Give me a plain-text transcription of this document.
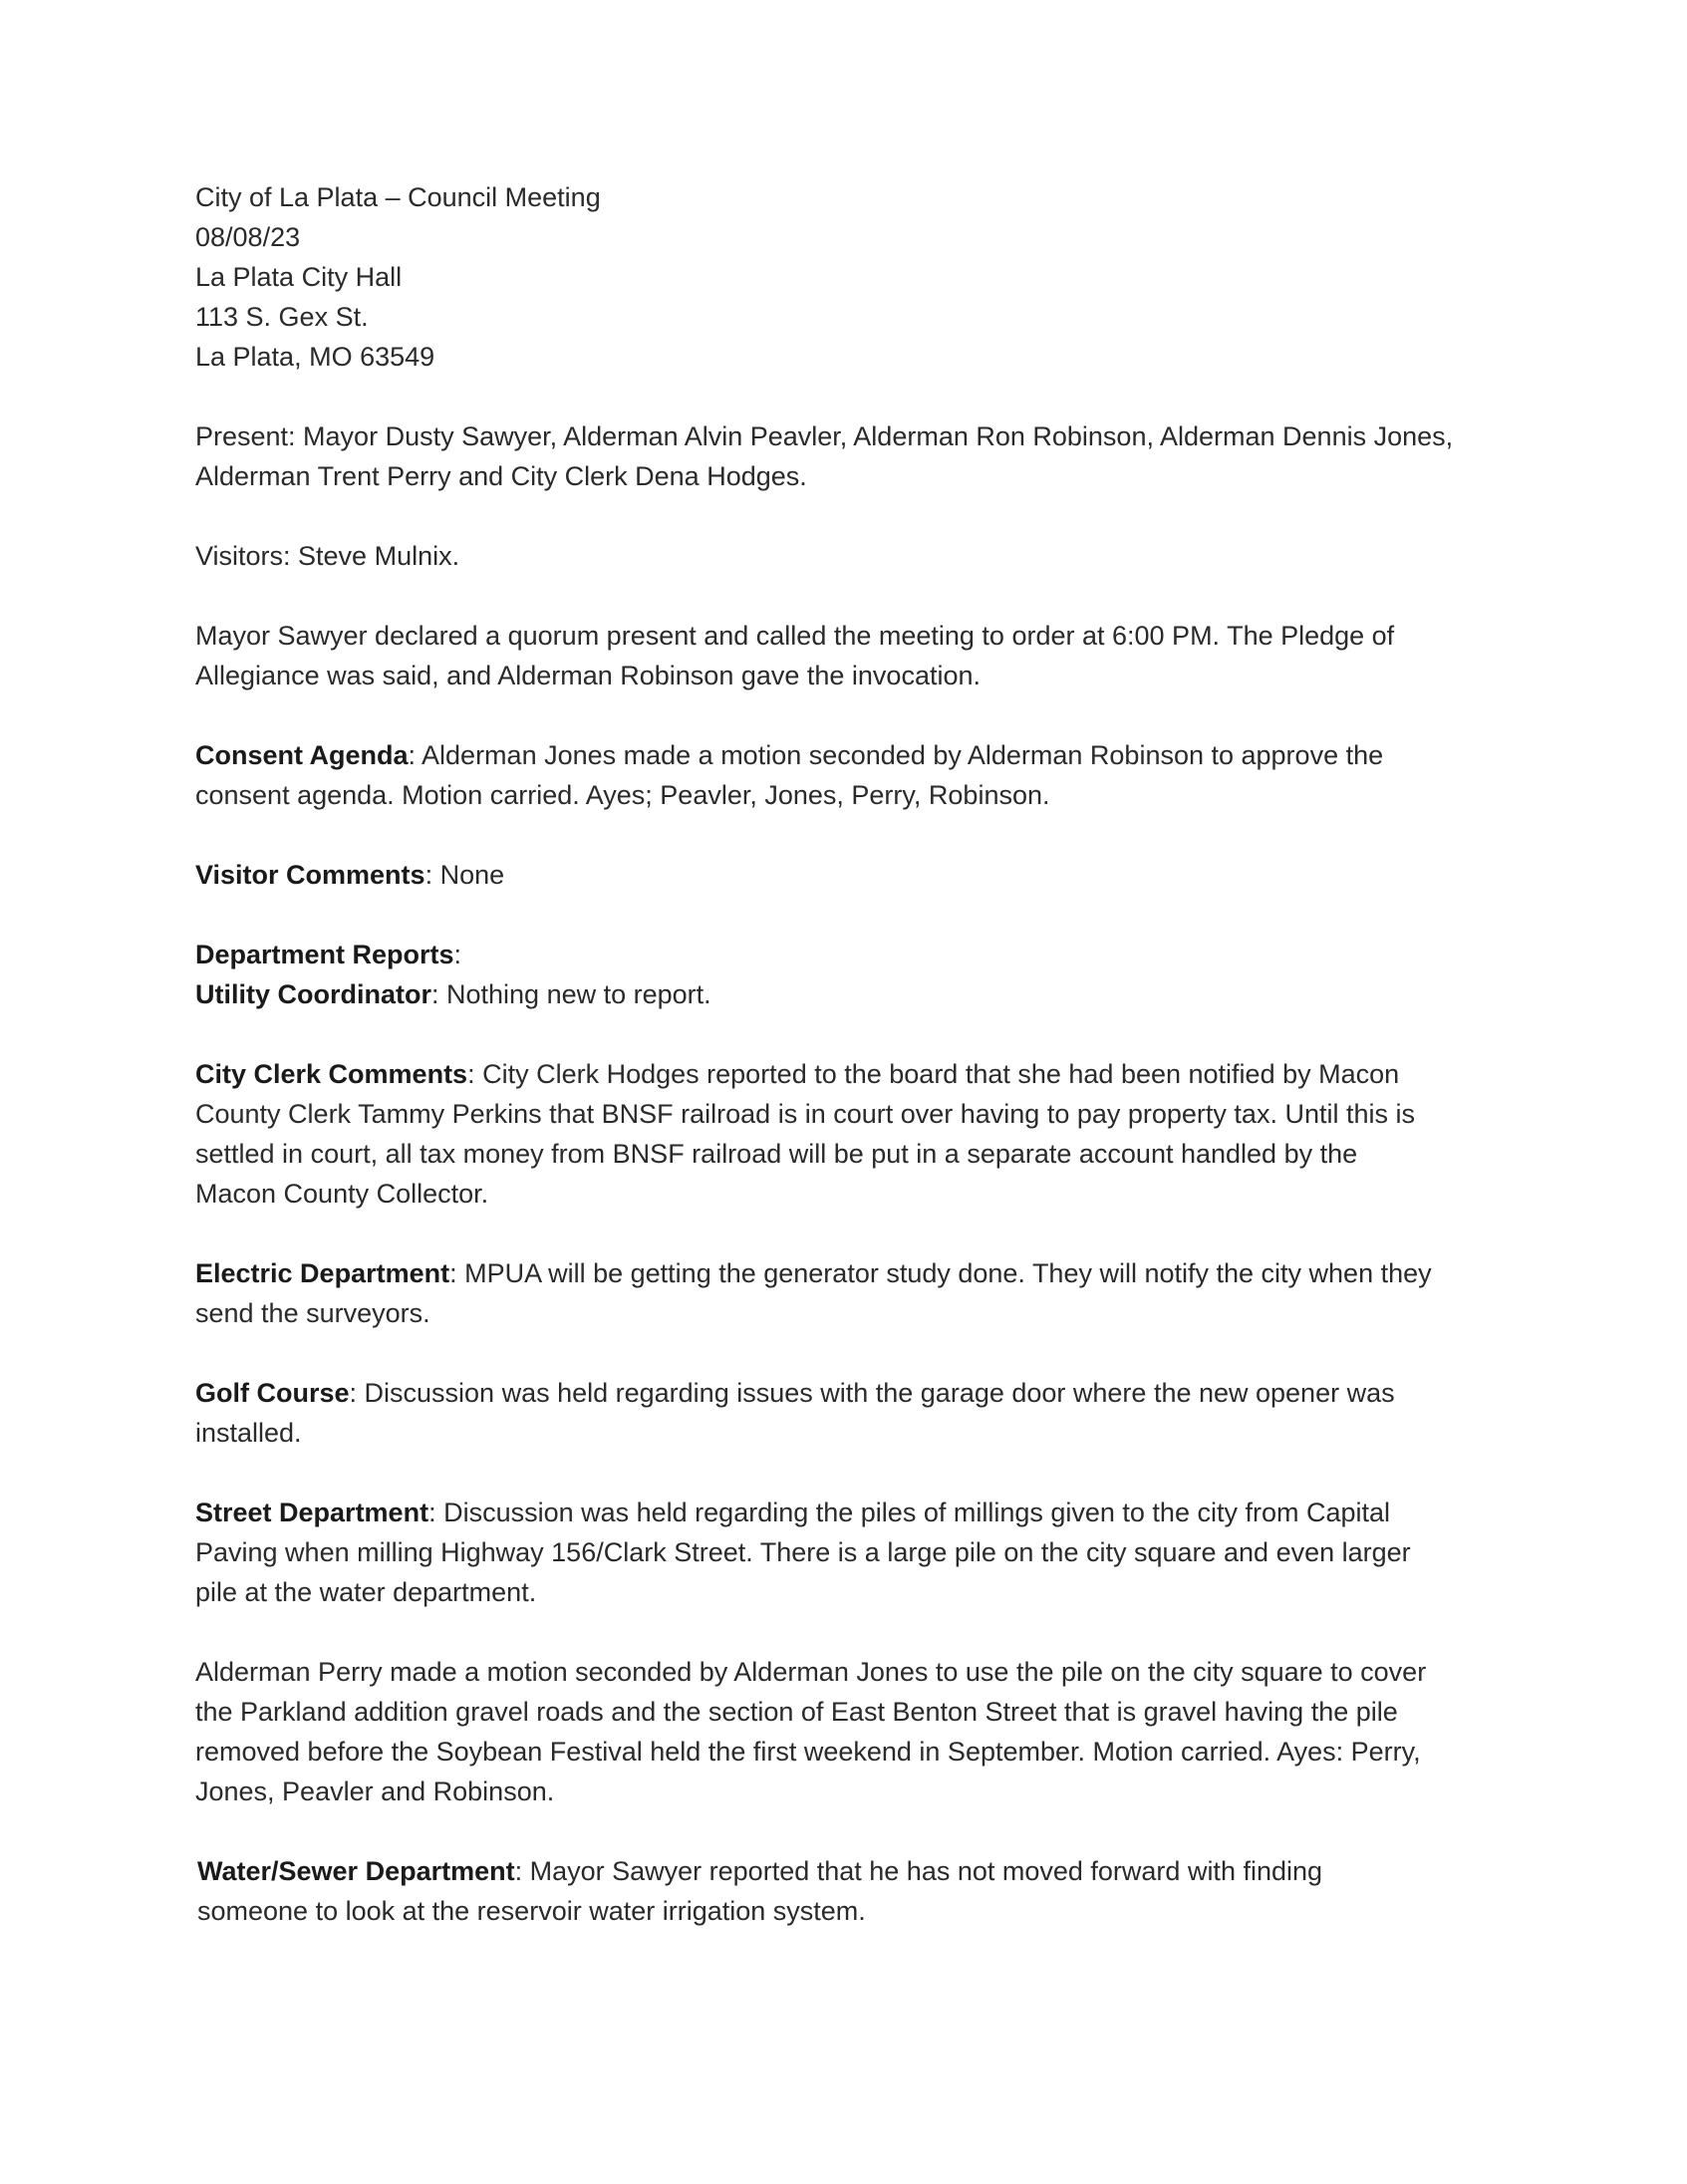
City of La Plata – Council Meeting
08/08/23
La Plata City Hall
113 S. Gex St.
La Plata, MO 63549
Present: Mayor Dusty Sawyer, Alderman Alvin Peavler, Alderman Ron Robinson, Alderman Dennis Jones,
Alderman Trent Perry and City Clerk Dena Hodges.
Visitors: Steve Mulnix.
Mayor Sawyer declared a quorum present and called the meeting to order at 6:00 PM. The Pledge of
Allegiance was said, and Alderman Robinson gave the invocation.
Consent Agenda: Alderman Jones made a motion seconded by Alderman Robinson to approve the
consent agenda. Motion carried. Ayes; Peavler, Jones, Perry, Robinson.
Visitor Comments: None
Department Reports:
Utility Coordinator: Nothing new to report.
City Clerk Comments: City Clerk Hodges reported to the board that she had been notified by Macon
County Clerk Tammy Perkins that BNSF railroad is in court over having to pay property tax. Until this is
settled in court, all tax money from BNSF railroad will be put in a separate account handled by the
Macon County Collector.
Electric Department: MPUA will be getting the generator study done. They will notify the city when they
send the surveyors.
Golf Course: Discussion was held regarding issues with the garage door where the new opener was
installed.
Street Department: Discussion was held regarding the piles of millings given to the city from Capital
Paving when milling Highway 156/Clark Street. There is a large pile on the city square and even larger
pile at the water department.
Alderman Perry made a motion seconded by Alderman Jones to use the pile on the city square to cover
the Parkland addition gravel roads and the section of East Benton Street that is gravel having the pile
removed before the Soybean Festival held the first weekend in September. Motion carried. Ayes: Perry,
Jones, Peavler and Robinson.
Water/Sewer Department: Mayor Sawyer reported that he has not moved forward with finding
someone to look at the reservoir water irrigation system.
